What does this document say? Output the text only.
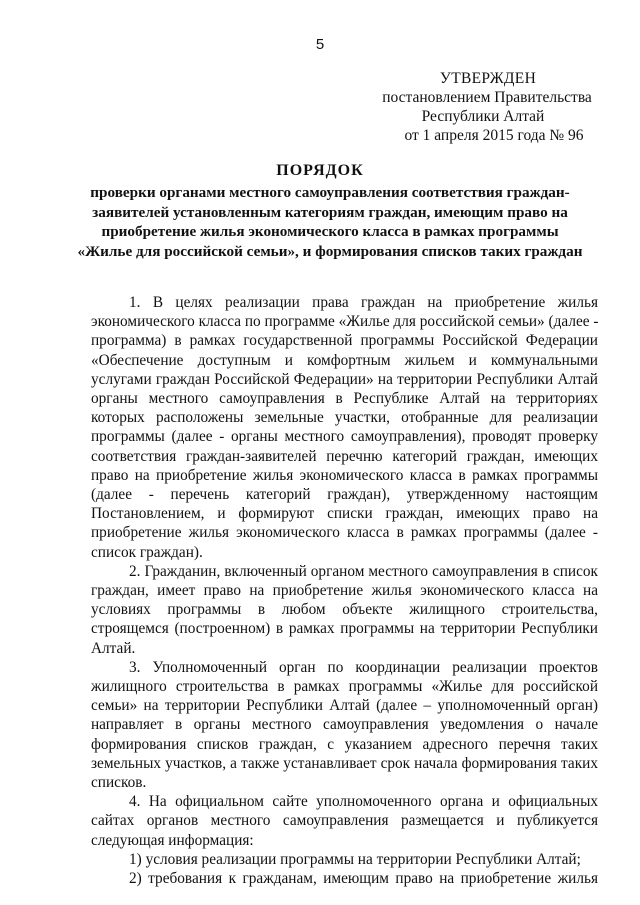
5
УТВЕРЖДЕН
постановлением Правительства
Республики Алтай
от 1 апреля 2015 года № 96
ПОРЯДОК
проверки органами местного самоуправления соответствия граждан-
заявителей установленным категориям граждан, имеющим право на
приобретение жилья экономического класса в рамках программы
«Жилье для российской семьи», и формирования списков таких граждан
1. В целях реализации права граждан на приобретение жилья
экономического класса по программе «Жилье для российской семьи» (далее -
программа) в рамках государственной программы Российской Федерации
«Обеспечение доступным и комфортным жильем и коммунальными
услугами граждан Российской Федерации» на территории Республики Алтай
органы местного самоуправления в Республике Алтай на территориях
которых расположены земельные участки, отобранные для реализации
программы (далее - органы местного самоуправления), проводят проверку
соответствия граждан-заявителей перечню категорий граждан, имеющих
право на приобретение жилья экономического класса в рамках программы
(далее - перечень категорий граждан), утвержденному настоящим
Постановлением, и формируют списки граждан, имеющих право на
приобретение жилья экономического класса в рамках программы (далее -
список граждан).
2. Гражданин, включенный органом местного самоуправления в список
граждан, имеет право на приобретение жилья экономического класса на
условиях программы в любом объекте жилищного строительства,
строящемся (построенном) в рамках программы на территории Республики
Алтай.
3. Уполномоченный орган по координации реализации проектов
жилищного строительства в рамках программы «Жилье для российской
семьи» на территории Республики Алтай (далее – уполномоченный орган)
направляет в органы местного самоуправления уведомления о начале
формирования списков граждан, с указанием адресного перечня таких
земельных участков, а также устанавливает срок начала формирования таких
списков.
4. На официальном сайте уполномоченного органа и официальных
сайтах органов местного самоуправления размещается и публикуется
следующая информация:
1) условия реализации программы на территории Республики Алтай;
2) требования к гражданам, имеющим право на приобретение жилья
